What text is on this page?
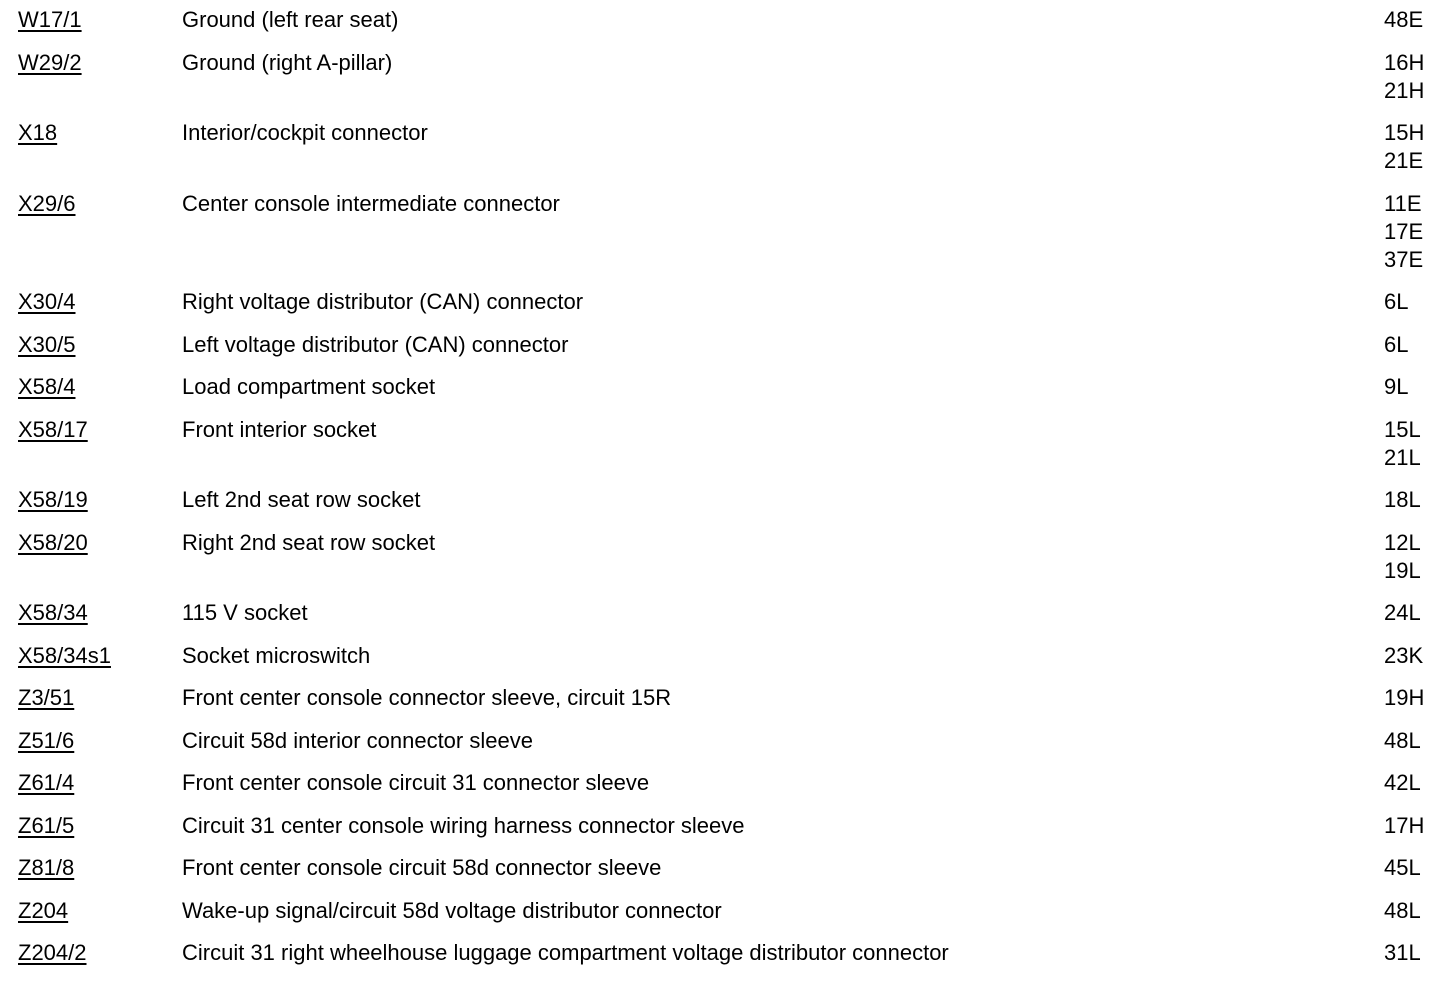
W17/1	Ground (left rear seat)	48E
W29/2	Ground (right A-pillar)	16H
21H
X18	Interior/cockpit connector	15H
21E
X29/6	Center console intermediate connector	11E
17E
37E
X30/4	Right voltage distributor (CAN) connector	6L
X30/5	Left voltage distributor (CAN) connector	6L
X58/4	Load compartment socket	9L
X58/17	Front interior socket	15L
21L
X58/19	Left 2nd seat row socket	18L
X58/20	Right 2nd seat row socket	12L
19L
X58/34	115 V socket	24L
X58/34s1	Socket microswitch	23K
Z3/51	Front center console connector sleeve, circuit 15R	19H
Z51/6	Circuit 58d interior connector sleeve	48L
Z61/4	Front center console circuit 31 connector sleeve	42L
Z61/5	Circuit 31 center console wiring harness connector sleeve	17H
Z81/8	Front center console circuit 58d connector sleeve	45L
Z204	Wake-up signal/circuit 58d voltage distributor connector	48L
Z204/2	Circuit 31 right wheelhouse luggage compartment voltage distributor connector	31L
